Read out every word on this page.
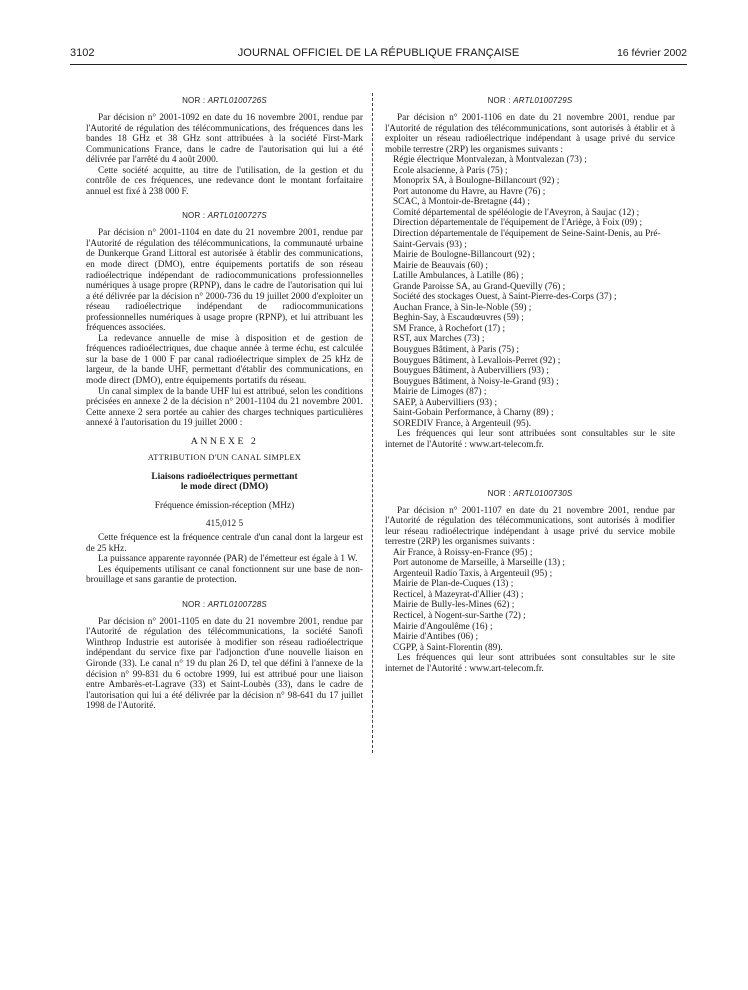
3102	JOURNAL OFFICIEL DE LA RÉPUBLIQUE FRANÇAISE	16 février 2002
NOR : ARTL0100726S

Par décision n° 2001-1092 en date du 16 novembre 2001, rendue par l'Autorité de régulation des télécommunications, des fréquences dans les bandes 18 GHz et 38 GHz sont attribuées à la société First-Mark Communications France, dans le cadre de l'autorisation qui lui a été délivrée par l'arrêté du 4 août 2000.

Cette société acquitte, au titre de l'utilisation, de la gestion et du contrôle de ces fréquences, une redevance dont le montant forfaitaire annuel est fixé à 238 000 F.

NOR : ARTL0100727S

Par décision n° 2001-1104 en date du 21 novembre 2001, rendue par l'Autorité de régulation des télécommunications, la communauté urbaine de Dunkerque Grand Littoral est autorisée à établir des communications, en mode direct (DMO), entre équipements portatifs de son réseau radioélectrique indépendant de radiocommunications professionnelles numériques à usage propre (RPNP), dans le cadre de l'autorisation qui lui a été délivrée par la décision n° 2000-736 du 19 juillet 2000 d'exploiter un réseau radioélectrique indépendant de radiocommunications professionnelles numériques à usage propre (RPNP), et lui attribuant les fréquences associées.

La redevance annuelle de mise à disposition et de gestion de fréquences radioélectriques, due chaque année à terme échu, est calculée sur la base de 1 000 F par canal radioélectrique simplex de 25 kHz de largeur, de la bande UHF, permettant d'établir des communications, en mode direct (DMO), entre équipements portatifs du réseau.

Un canal simplex de la bande UHF lui est attribué, selon les conditions précisées en annexe 2 de la décision n° 2001-1104 du 21 novembre 2001. Cette annexe 2 sera portée au cahier des charges techniques particulières annexé à l'autorisation du 19 juillet 2000 :

ANNEXE 2
ATTRIBUTION D'UN CANAL SIMPLEX
Liaisons radioélectriques permettant
le mode direct (DMO)
Fréquence émission-réception (MHz)
415,012 5

Cette fréquence est la fréquence centrale d'un canal dont la largeur est de 25 kHz.

La puissance apparente rayonnée (PAR) de l'émetteur est égale à 1 W.

Les équipements utilisant ce canal fonctionnent sur une base de non-brouillage et sans garantie de protection.

NOR : ARTL0100728S

Par décision n° 2001-1105 en date du 21 novembre 2001, rendue par l'Autorité de régulation des télécommunications, la société Sanofi Winthrop Industrie est autorisée à modifier son réseau radioélectrique indépendant du service fixe par l'adjonction d'une nouvelle liaison en Gironde (33). Le canal n° 19 du plan 26 D, tel que défini à l'annexe de la décision n° 99-831 du 6 octobre 1999, lui est attribué pour une liaison entre Ambarès-et-Lagrave (33) et Saint-Loubès (33), dans le cadre de l'autorisation qui lui a été délivrée par la décision n° 98-641 du 17 juillet 1998 de l'Autorité.

NOR : ARTL0100729S

Par décision n° 2001-1106 en date du 21 novembre 2001, rendue par l'Autorité de régulation des télécommunications, sont autorisés à établir et à exploiter un réseau radioélectrique indépendant à usage privé du service mobile terrestre (2RP) les organismes suivants :

Régie électrique Montvalezan, à Montvalezan (73) ;

Ecole alsacienne, à Paris (75) ;

Monoprix SA, à Boulogne-Billancourt (92) ;

Port autonome du Havre, au Havre (76) ;

SCAC, à Montoir-de-Bretagne (44) ;

Comité départemental de spéléologie de l'Aveyron, à Saujac (12) ;

Direction départementale de l'équipement de l'Ariège, à Foix (09) ;

Direction départementale de l'équipement de Seine-Saint-Denis, au Pré-Saint-Gervais (93) ;

Mairie de Boulogne-Billancourt (92) ;

Mairie de Beauvais (60) ;

Latille Ambulances, à Latille (86) ;

Grande Paroisse SA, au Grand-Quevilly (76) ;

Société des stockages Ouest, à Saint-Pierre-des-Corps (37) ;

Auchan France, à Sin-le-Noble (59) ;

Beghin-Say, à Escaudœuvres (59) ;

SM France, à Rochefort (17) ;

RST, aux Marches (73) ;

Bouygues Bâtiment, à Paris (75) ;

Bouygues Bâtiment, à Levallois-Perret (92) ;

Bouygues Bâtiment, à Aubervilliers (93) ;

Bouygues Bâtiment, à Noisy-le-Grand (93) ;

Mairie de Limoges (87) ;

SAEP, à Aubervilliers (93) ;

Saint-Gobain Performance, à Charny (89) ;

SOREDIV France, à Argenteuil (95).

Les fréquences qui leur sont attribuées sont consultables sur le site internet de l'Autorité : www.art-telecom.fr.

NOR : ARTL0100730S

Par décision n° 2001-1107 en date du 21 novembre 2001, rendue par l'Autorité de régulation des télécommunications, sont autorisés à modifier leur réseau radioélectrique indépendant à usage privé du service mobile terrestre (2RP) les organismes suivants :

Air France, à Roissy-en-France (95) ;

Port autonome de Marseille, à Marseille (13) ;

Argenteuil Radio Taxis, à Argenteuil (95) ;

Mairie de Plan-de-Cuques (13) ;

Recticel, à Mazeyrat-d'Allier (43) ;

Mairie de Bully-les-Mines (62) ;

Recticel, à Nogent-sur-Sarthe (72) ;

Mairie d'Angoulême (16) ;

Mairie d'Antibes (06) ;

CGPP, à Saint-Florentin (89).

Les fréquences qui leur sont attribuées sont consultables sur le site internet de l'Autorité : www.art-telecom.fr.
